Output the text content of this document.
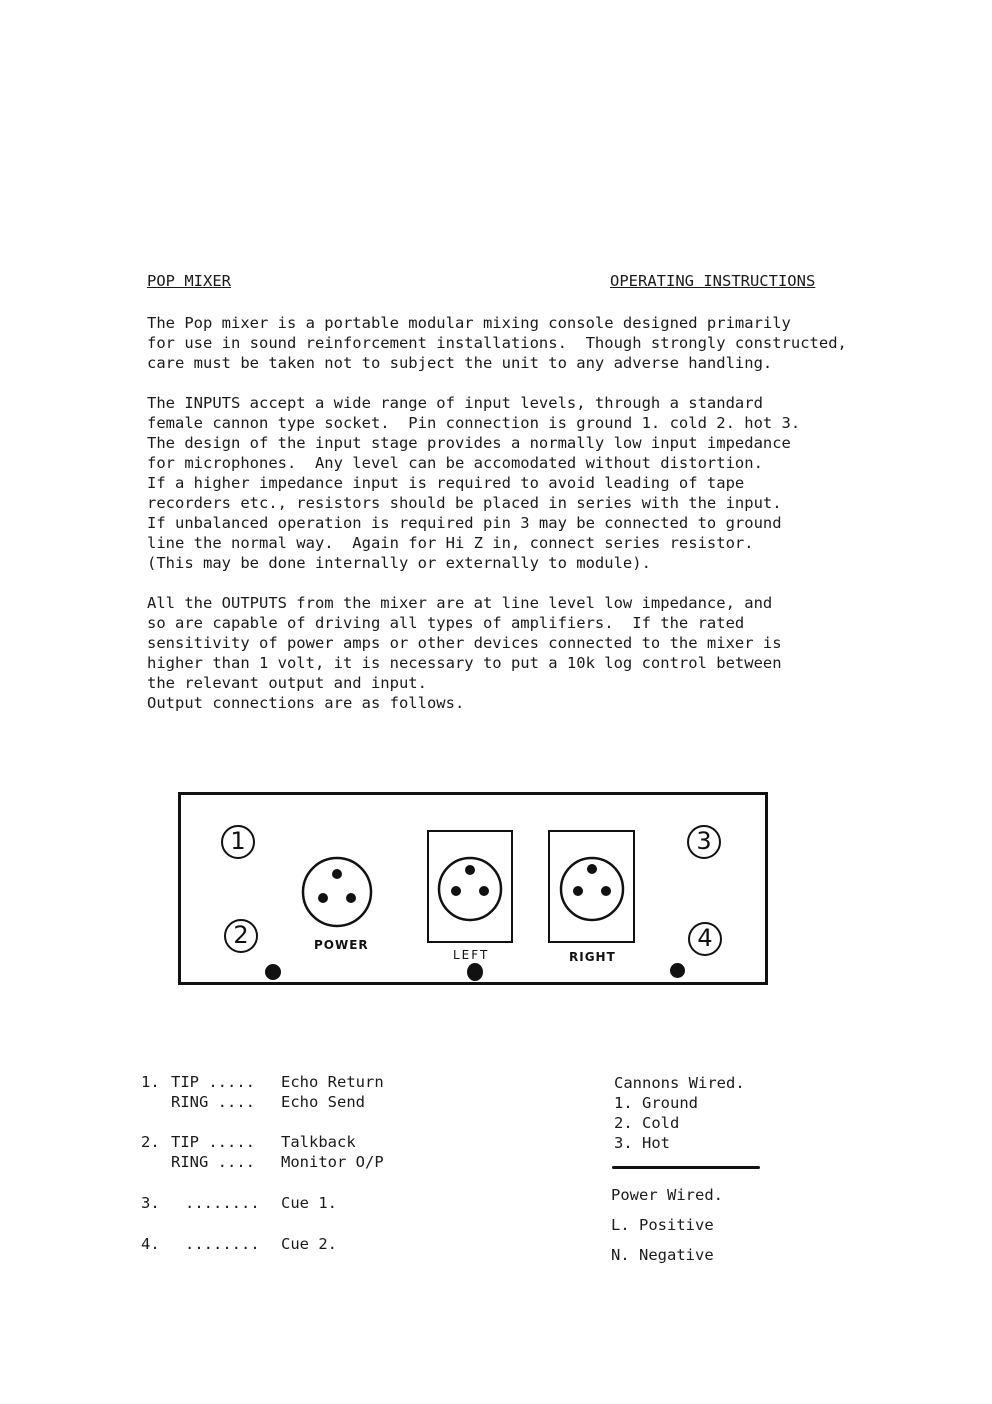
POP MIXER	OPERATING INSTRUCTIONS

The Pop mixer is a portable modular mixing console designed primarily
for use in sound reinforcement installations.  Though strongly constructed,
care must be taken not to subject the unit to any adverse handling.

The INPUTS accept a wide range of input levels, through a standard
female cannon type socket.  Pin connection is ground 1. cold 2. hot 3.
The design of the input stage provides a normally low input impedance
for microphones.  Any level can be accomodated without distortion.
If a higher impedance input is required to avoid leading of tape
recorders etc., resistors should be placed in series with the input.
If unbalanced operation is required pin 3 may be connected to ground
line the normal way.  Again for Hi Z in, connect series resistor.
(This may be done internally or externally to module).

All the OUTPUTS from the mixer are at line level low impedance, and
so are capable of driving all types of amplifiers.  If the rated
sensitivity of power amps or other devices connected to the mixer is
higher than 1 volt, it is necessary to put a 10k log control between
the relevant output and input.
Output connections are as follows.

1
2
3
4
POWER
LEFT	RIGHT
1. TIP ..... Echo Return
RING .... Echo Send
2. TIP ..... Talkback
RING .... Monitor O/P
3. ........ Cue 1.
4. ........ Cue 2.
Cannons Wired.
1. Ground
2. Cold
3. Hot
Power Wired.
L. Positive
N. Negative
